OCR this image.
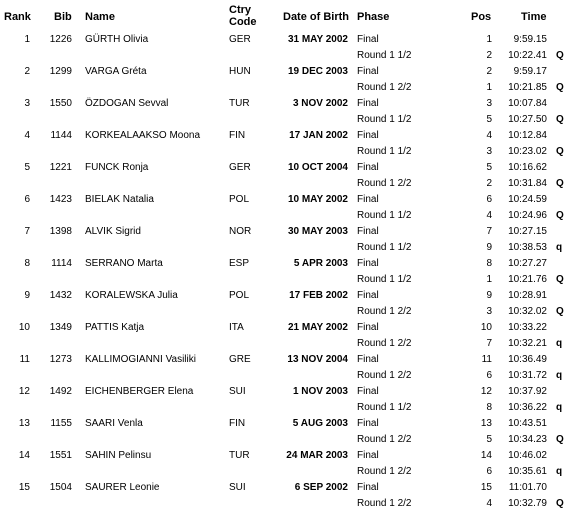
Rank Bib Name
Ctry
Code Date of Birth Phase	Pos	Time
1	1226 GÜRTH Olivia	GER	31 MAY 2002 Final	1	9:59.15
Round 1 1/2	2	10:22.41 Q
2	1299 VARGA Gréta	HUN	19 DEC 2003 Final	2	9:59.17
Round 1 2/2	1	10:21.85 Q
3	1550 ÖZDOGAN Sevval	TUR	3 NOV 2002 Final	3	10:07.84
Round 1 1/2	5	10:27.50 Q
4	1144 KORKEALAAKSO Moona	FIN	17 JAN 2002 Final	4	10:12.84
Round 1 1/2	3	10:23.02 Q
5	1221 FUNCK Ronja	GER	10 OCT 2004 Final	5	10:16.62
Round 1 2/2	2	10:31.84 Q
6	1423 BIELAK Natalia	POL	10 MAY 2002 Final	6	10:24.59
Round 1 1/2	4	10:24.96 Q
7	1398 ALVIK Sigrid	NOR	30 MAY 2003 Final	7	10:27.15
Round 1 1/2	9	10:38.53 q
8	1114 SERRANO Marta	ESP	5 APR 2003 Final	8	10:27.27
Round 1 1/2	1	10:21.76 Q
9	1432 KORALEWSKA Julia	POL	17 FEB 2002 Final	9	10:28.91
Round 1 2/2	3	10:32.02 Q
10	1349 PATTIS Katja	ITA	21 MAY 2002 Final	10	10:33.22
Round 1 2/2	7	10:32.21 q
11	1273 KALLIMOGIANNI Vasiliki	GRE	13 NOV 2004 Final	11	10:36.49
Round 1 2/2	6	10:31.72 q
12	1492 EICHENBERGER Elena	SUI	1 NOV 2003 Final	12	10:37.92
Round 1 1/2	8	10:36.22 q
13	1155 SAARI Venla	FIN	5 AUG 2003 Final	13	10:43.51
Round 1 2/2	5	10:34.23 Q
14	1551 SAHIN Pelinsu	TUR	24 MAR 2003 Final	14	10:46.02
Round 1 2/2	6	10:35.61 q
15	1504 SAURER Leonie	SUI	6 SEP 2002 Final	15	11:01.70
Round 1 2/2	4	10:32.79 Q
